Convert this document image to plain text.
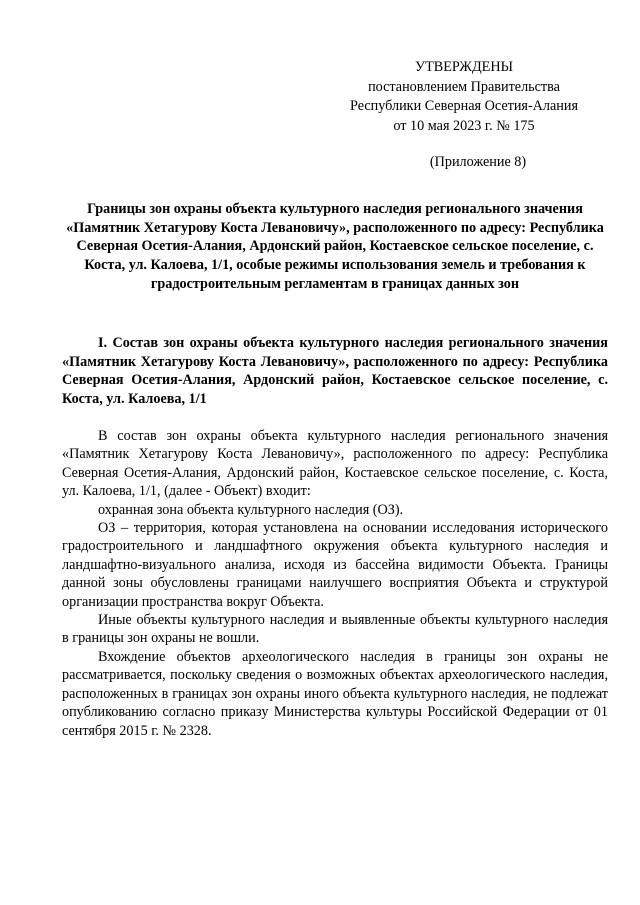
УТВЕРЖДЕНЫ
постановлением Правительства
Республики Северная Осетия-Алания
от 10 мая 2023 г. № 175
(Приложение 8)
Границы зон охраны объекта культурного наследия регионального значения «Памятник Хетагурову Коста Левановичу», расположенного по адресу: Республика Северная Осетия-Алания, Ардонский район, Костаевское сельское поселение, с. Коста, ул. Калоева, 1/1, особые режимы использования земель и требования к градостроительным регламентам в границах данных зон
I. Состав зон охраны объекта культурного наследия регионального значения «Памятник Хетагурову Коста Левановичу», расположенного по адресу: Республика Северная Осетия-Алания, Ардонский район, Костаевское сельское поселение, с. Коста, ул. Калоева, 1/1

В состав зон охраны объекта культурного наследия регионального значения «Памятник Хетагурову Коста Левановичу», расположенного по адресу: Республика Северная Осетия-Алания, Ардонский район, Костаевское сельское поселение, с. Коста, ул. Калоева, 1/1, (далее - Объект) входит:

охранная зона объекта культурного наследия (ОЗ).

ОЗ – территория, которая установлена на основании исследования исторического градостроительного и ландшафтного окружения объекта культурного наследия и ландшафтно-визуального анализа, исходя из бассейна видимости Объекта. Границы данной зоны обусловлены границами наилучшего восприятия Объекта и структурой организации пространства вокруг Объекта.

Иные объекты культурного наследия и выявленные объекты культурного наследия в границы зон охраны не вошли.

Вхождение объектов археологического наследия в границы зон охраны не рассматривается, поскольку сведения о возможных объектах археологического наследия, расположенных в границах зон охраны иного объекта культурного наследия, не подлежат опубликованию согласно приказу Министерства культуры Российской Федерации от 01 сентября 2015 г. № 2328.
